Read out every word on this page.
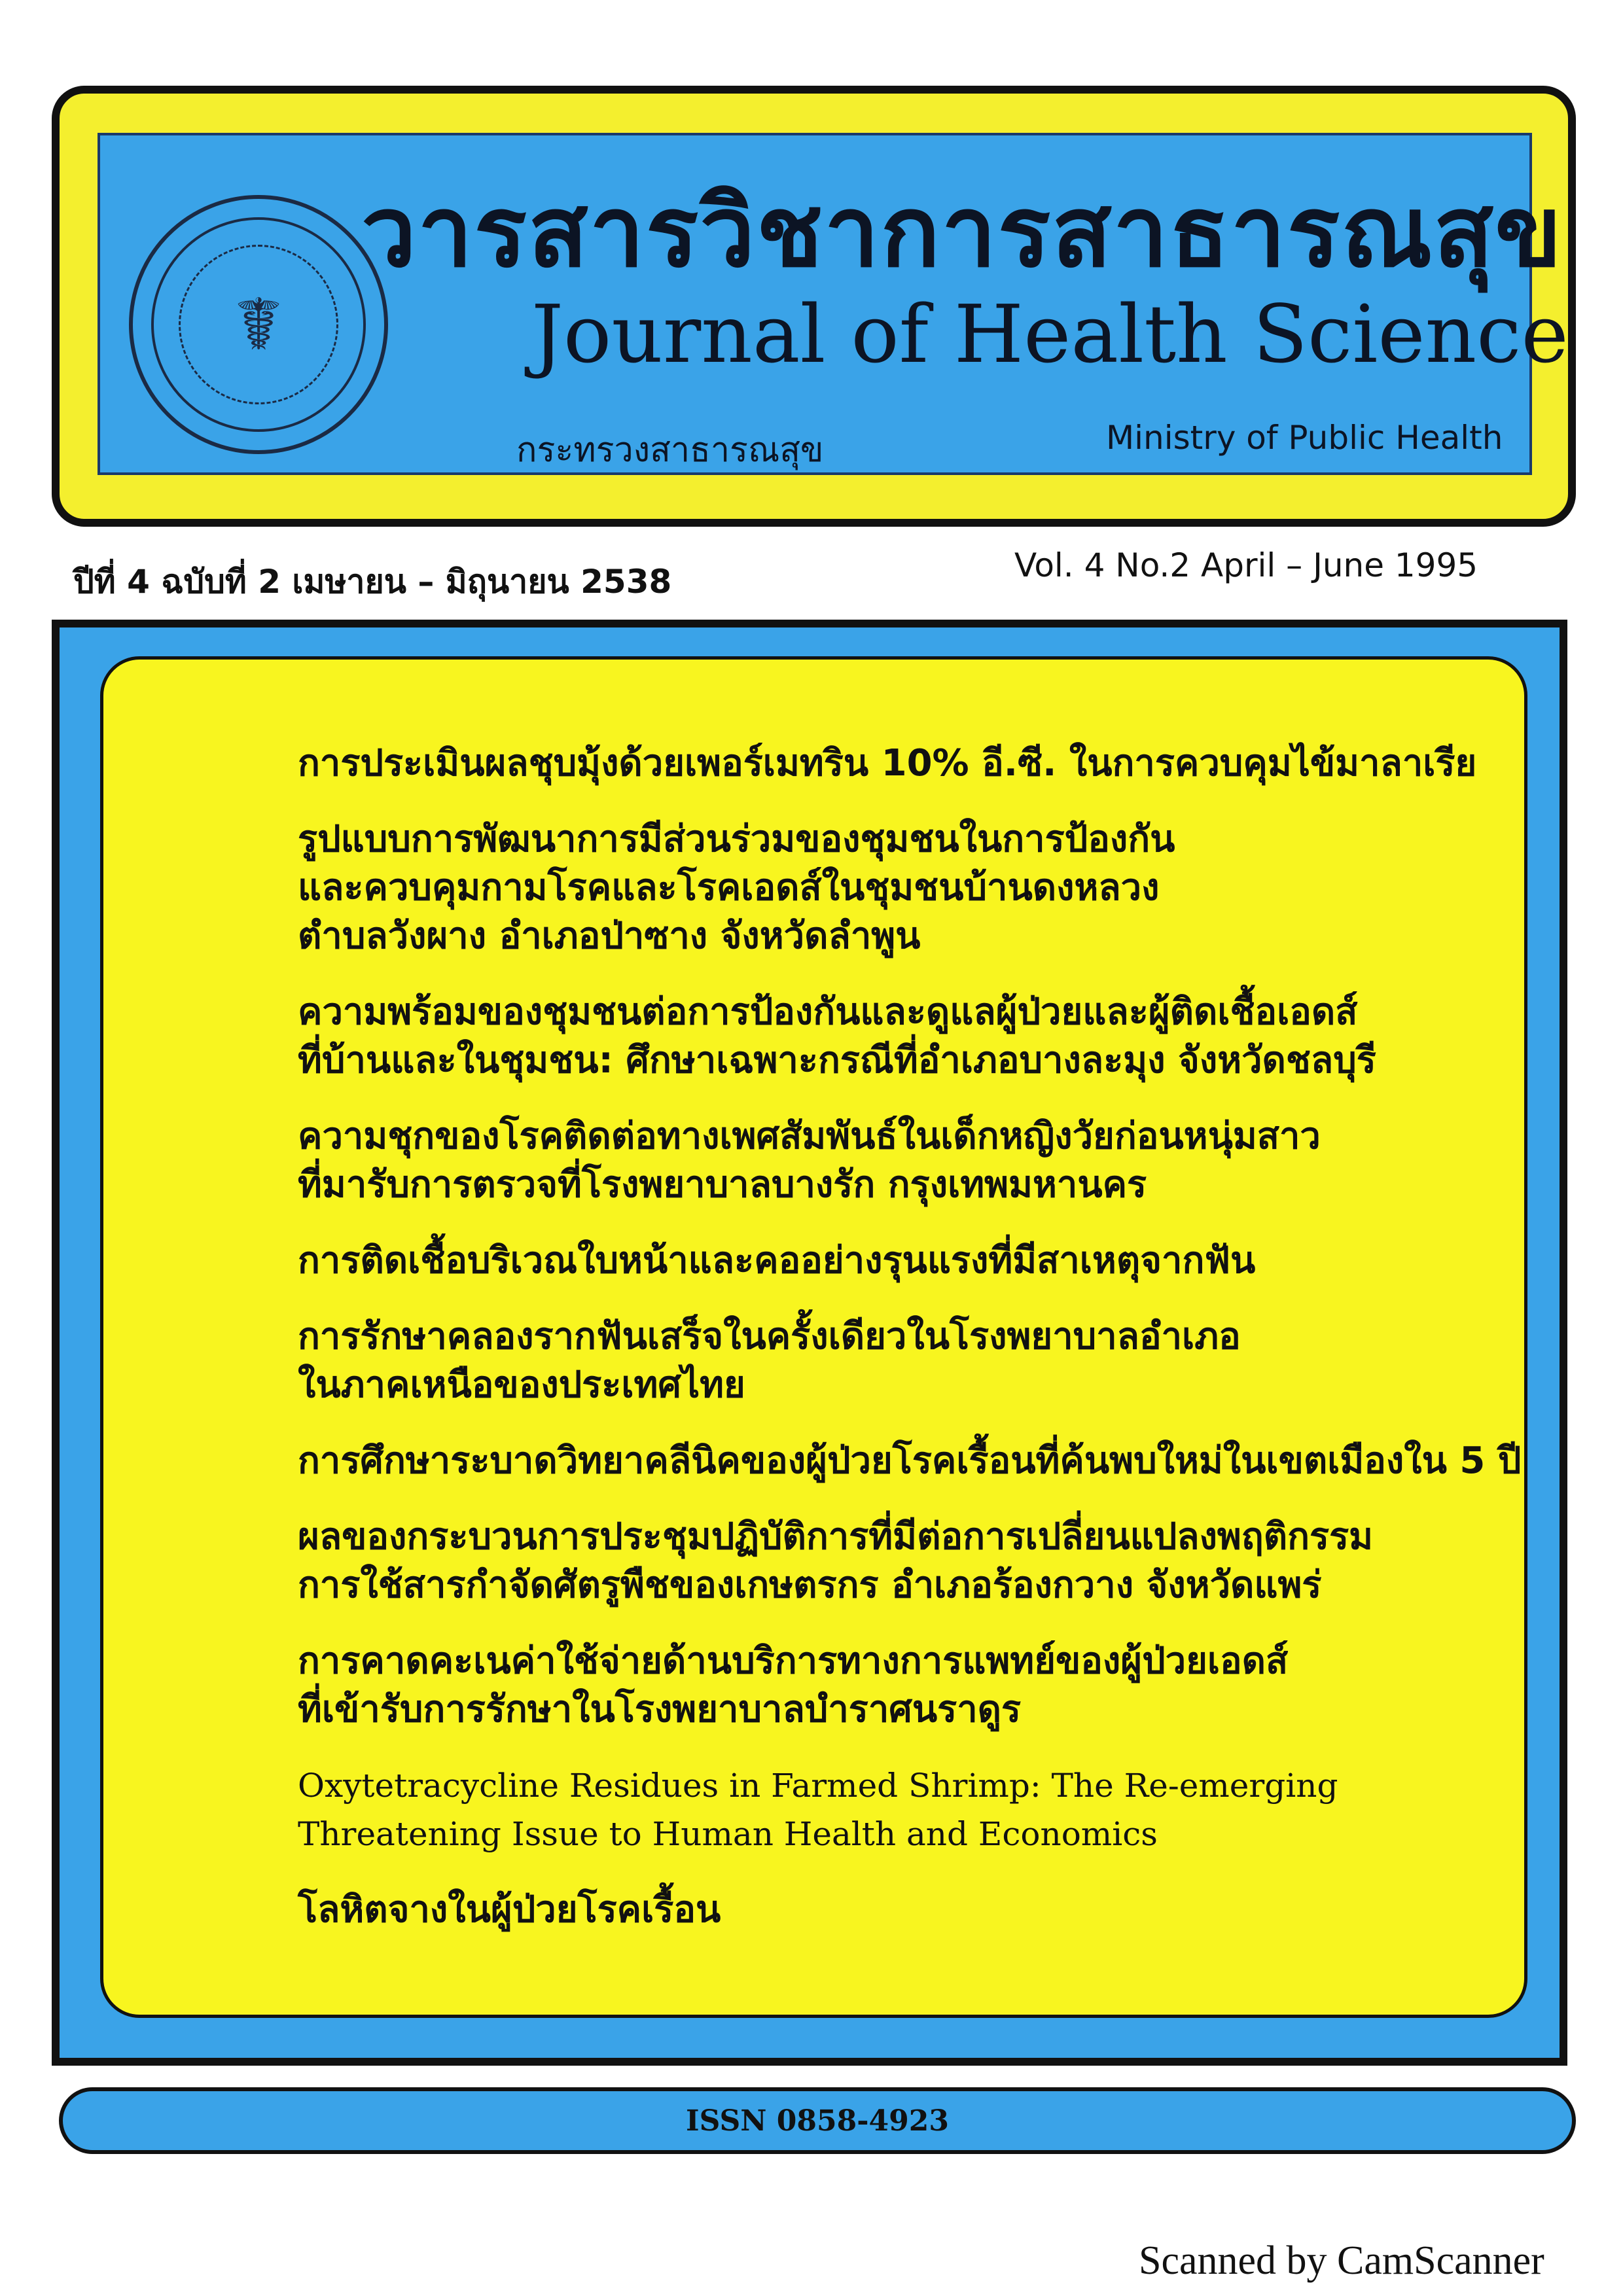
☤
วารสารวิชาการสาธารณสุข
Journal of Health Science
กระทรวงสาธารณสุข	Ministry of Public Health
ปีที่ 4 ฉบับที่ 2 เมษายน – มิถุนายน 2538	Vol. 4 No.2 April – June 1995
การประเมินผลชุบมุ้งด้วยเพอร์เมทริน 10% อี.ซี. ในการควบคุมไข้มาลาเรีย
รูปแบบการพัฒนาการมีส่วนร่วมของชุมชนในการป้องกัน
และควบคุมกามโรคและโรคเอดส์ในชุมชนบ้านดงหลวง
ตำบลวังผาง อำเภอป่าซาง จังหวัดลำพูน
ความพร้อมของชุมชนต่อการป้องกันและดูแลผู้ป่วยและผู้ติดเชื้อเอดส์
ที่บ้านและในชุมชน: ศึกษาเฉพาะกรณีที่อำเภอบางละมุง จังหวัดชลบุรี
ความชุกของโรคติดต่อทางเพศสัมพันธ์ในเด็กหญิงวัยก่อนหนุ่มสาว
ที่มารับการตรวจที่โรงพยาบาลบางรัก กรุงเทพมหานคร
การติดเชื้อบริเวณใบหน้าและคออย่างรุนแรงที่มีสาเหตุจากฟัน
การรักษาคลองรากฟันเสร็จในครั้งเดียวในโรงพยาบาลอำเภอ
ในภาคเหนือของประเทศไทย
การศึกษาระบาดวิทยาคลีนิคของผู้ป่วยโรคเรื้อนที่ค้นพบใหม่ในเขตเมืองใน 5 ปี
ผลของกระบวนการประชุมปฏิบัติการที่มีต่อการเปลี่ยนแปลงพฤติกรรม
การใช้สารกำจัดศัตรูพืชของเกษตรกร อำเภอร้องกวาง จังหวัดแพร่
การคาดคะเนค่าใช้จ่ายด้านบริการทางการแพทย์ของผู้ป่วยเอดส์
ที่เข้ารับการรักษาในโรงพยาบาลบำราศนราดูร
Oxytetracycline Residues in Farmed Shrimp: The Re-emerging
Threatening Issue to Human Health and Economics
โลหิตจางในผู้ป่วยโรคเรื้อน
ISSN 0858-4923
Scanned by CamScanner
